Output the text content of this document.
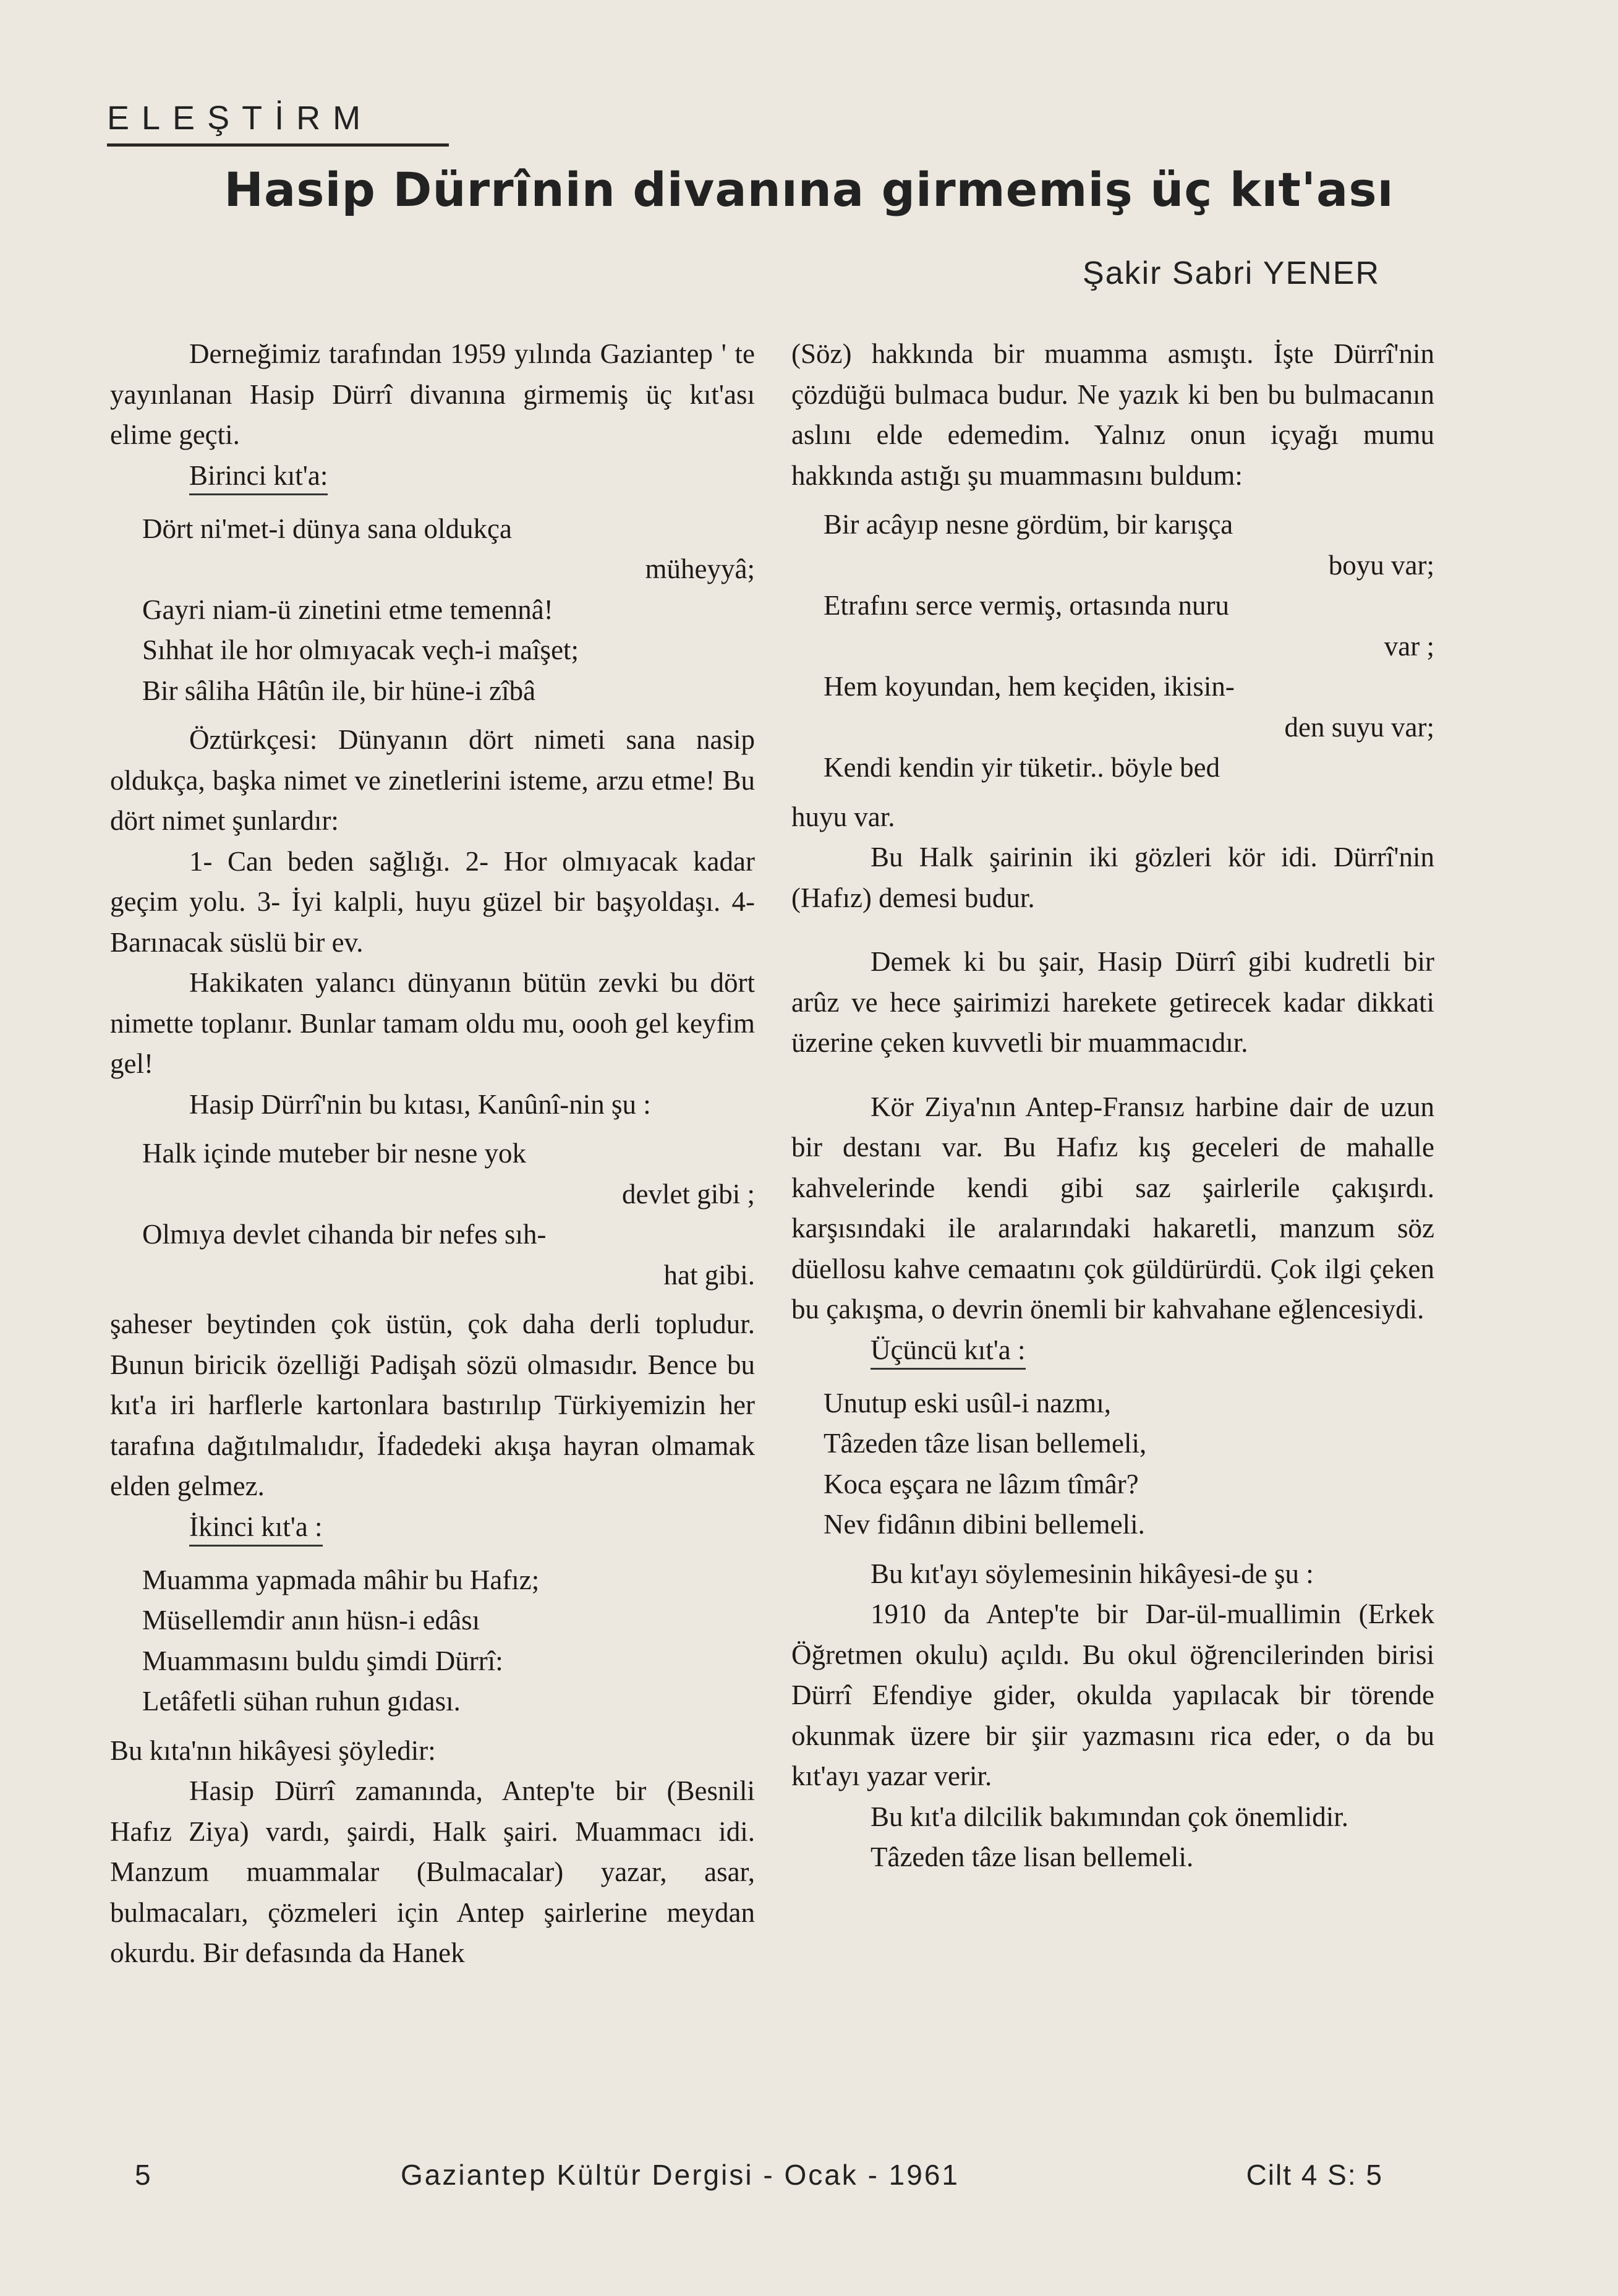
ELEŞTİRM
Hasip Dürrînin divanına girmemiş üç kıt'ası
Şakir Sabri YENER

Derneğimiz tarafından 1959 yılında Gaziantep ' te yayınlanan Hasip Dürrî divanına girmemiş üç kıt'ası elime geçti.

Birinci kıt'a:

Dört ni'met-i dünya sana oldukça

müheyyâ;

Gayri niam-ü zinetini etme temennâ!

Sıhhat ile hor olmıyacak veçh-i maîşet;

Bir sâliha Hâtûn ile, bir hüne-i zîbâ

Öztürkçesi: Dünyanın dört nimeti sana nasip oldukça, başka nimet ve zinetlerini isteme, arzu etme! Bu dört nimet şunlardır:

1- Can beden sağlığı. 2- Hor olmıyacak kadar geçim yolu. 3- İyi kalpli, huyu güzel bir başyoldaşı. 4- Barınacak süslü bir ev.

Hakikaten yalancı dünyanın bütün zevki bu dört nimette toplanır. Bunlar tamam oldu mu, oooh gel keyfim gel!

Hasip Dürrî'nin bu kıtası, Kanûnî-nin şu :

Halk içinde muteber bir nesne yok

devlet gibi ;

Olmıya devlet cihanda bir nefes sıh-

hat gibi.

şaheser beytinden çok üstün, çok daha derli topludur. Bunun biricik özelliği Padişah sözü olmasıdır. Bence bu kıt'a iri harflerle kartonlara bastırılıp Türkiyemizin her tarafına dağıtılmalıdır, İfadedeki akışa hayran olmamak elden gelmez.

İkinci kıt'a :

Muamma yapmada mâhir bu Hafız;

Müsellemdir anın hüsn-i edâsı

Muammasını buldu şimdi Dürrî:

Letâfetli sühan ruhun gıdası.

Bu kıta'nın hikâyesi şöyledir:

Hasip Dürrî zamanında, Antep'te bir (Besnili Hafız Ziya) vardı, şairdi, Halk şairi. Muammacı idi. Manzum muammalar (Bulmacalar) yazar, asar, bulmacaları, çözmeleri için Antep şairlerine meydan okurdu. Bir defasında da Hanek

(Söz) hakkında bir muamma asmıştı. İşte Dürrî'nin çözdüğü bulmaca budur. Ne yazık ki ben bu bulmacanın aslını elde edemedim. Yalnız onun içyağı mumu hakkında astığı şu muammasını buldum:

Bir acâyıp nesne gördüm, bir karışça

boyu var;

Etrafını serce vermiş, ortasında nuru

var ;

Hem koyundan, hem keçiden, ikisin-

den suyu var;

Kendi kendin yir tüketir.. böyle bed

huyu var.

Bu Halk şairinin iki gözleri kör idi. Dürrî'nin (Hafız) demesi budur.

Demek ki bu şair, Hasip Dürrî gibi kudretli bir arûz ve hece şairimizi harekete getirecek kadar dikkati üzerine çeken kuvvetli bir muammacıdır.

Kör Ziya'nın Antep-Fransız harbine dair de uzun bir destanı var. Bu Hafız kış geceleri de mahalle kahvelerinde kendi gibi saz şairlerile çakışırdı. karşısındaki ile aralarındaki hakaretli, manzum söz düellosu kahve cemaatını çok güldürürdü. Çok ilgi çeken bu çakışma, o devrin önemli bir kahvahane eğlencesiydi.

Üçüncü kıt'a :

Unutup eski usûl-i nazmı,

Tâzeden tâze lisan bellemeli,

Koca eşçara ne lâzım tîmâr?

Nev fidânın dibini bellemeli.

Bu kıt'ayı söylemesinin hikâyesi-de şu :

1910 da Antep'te bir Dar-ül-muallimin (Erkek Öğretmen okulu) açıldı. Bu okul öğrencilerinden birisi Dürrî Efendiye gider, okulda yapılacak bir törende okunmak üzere bir şiir yazmasını rica eder, o da bu kıt'ayı yazar verir.

Bu kıt'a dilcilik bakımından çok önemlidir.

Tâzeden tâze lisan bellemeli.

5	Gaziantep Kültür Dergisi - Ocak - 1961	Cilt 4 S: 5
